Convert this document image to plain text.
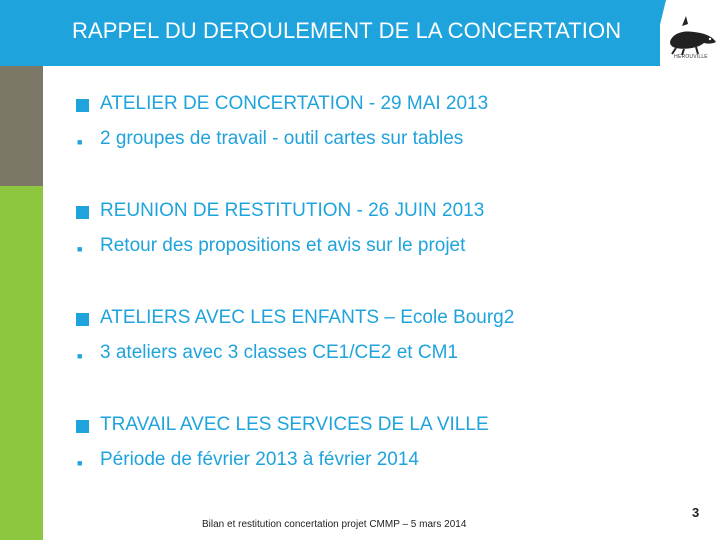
RAPPEL DU DEROULEMENT DE LA CONCERTATION
HEROUVILLE
ATELIER DE CONCERTATION - 29 MAI 2013
■ 2 groupes de travail - outil cartes sur tables
REUNION DE RESTITUTION - 26 JUIN 2013
■ Retour des propositions et avis sur le projet
ATELIERS AVEC LES ENFANTS – Ecole Bourg2
■ 3 ateliers avec 3 classes CE1/CE2 et CM1
TRAVAIL AVEC LES SERVICES DE LA VILLE
■ Période de février 2013 à février 2014
Bilan et restitution concertation projet CMMP – 5 mars 2014
3
